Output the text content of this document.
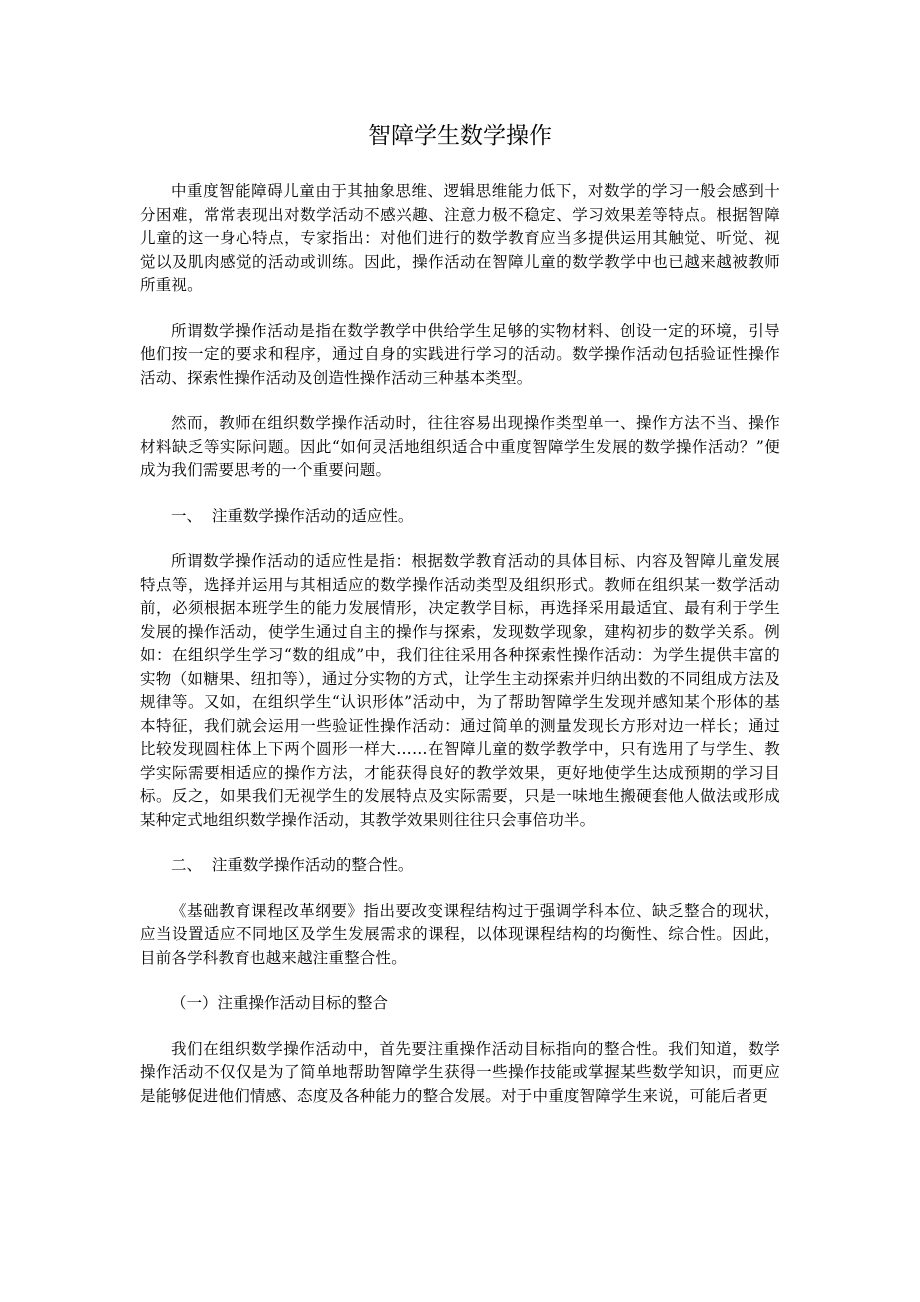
智障学生数学操作

中重度智能障碍儿童由于其抽象思维、逻辑思维能力低下，对数学的学习一般会感到十分困难，常常表现出对数学活动不感兴趣、注意力极不稳定、学习效果差等特点。根据智障儿童的这一身心特点，专家指出：对他们进行的数学教育应当多提供运用其触觉、听觉、视觉以及肌肉感觉的活动或训练。因此，操作活动在智障儿童的数学教学中也已越来越被教师所重视。

所谓数学操作活动是指在数学教学中供给学生足够的实物材料、创设一定的环境，引导他们按一定的要求和程序，通过自身的实践进行学习的活动。数学操作活动包括验证性操作活动、探索性操作活动及创造性操作活动三种基本类型。

然而，教师在组织数学操作活动时，往往容易出现操作类型单一、操作方法不当、操作材料缺乏等实际问题。因此“如何灵活地组织适合中重度智障学生发展的数学操作活动？”便成为我们需要思考的一个重要问题。

一、  注重数学操作活动的适应性。

所谓数学操作活动的适应性是指：根据数学教育活动的具体目标、内容及智障儿童发展特点等，选择并运用与其相适应的数学操作活动类型及组织形式。教师在组织某一数学活动前，必须根据本班学生的能力发展情形，决定教学目标，再选择采用最适宜、最有利于学生发展的操作活动，使学生通过自主的操作与探索，发现数学现象，建构初步的数学关系。例如：在组织学生学习“数的组成”中，我们往往采用各种探索性操作活动：为学生提供丰富的实物（如糖果、纽扣等），通过分实物的方式，让学生主动探索并归纳出数的不同组成方法及规律等。又如，在组织学生“认识形体”活动中，为了帮助智障学生发现并感知某个形体的基本特征，我们就会运用一些验证性操作活动：通过简单的测量发现长方形对边一样长；通过比较发现圆柱体上下两个圆形一样大……在智障儿童的数学教学中，只有选用了与学生、教学实际需要相适应的操作方法，才能获得良好的教学效果，更好地使学生达成预期的学习目标。反之，如果我们无视学生的发展特点及实际需要，只是一味地生搬硬套他人做法或形成某种定式地组织数学操作活动，其教学效果则往往只会事倍功半。

二、  注重数学操作活动的整合性。

《基础教育课程改革纲要》指出要改变课程结构过于强调学科本位、缺乏整合的现状，应当设置适应不同地区及学生发展需求的课程，以体现课程结构的均衡性、综合性。因此，目前各学科教育也越来越注重整合性。

（一）注重操作活动目标的整合

我们在组织数学操作活动中，首先要注重操作活动目标指向的整合性。我们知道，数学操作活动不仅仅是为了简单地帮助智障学生获得一些操作技能或掌握某些数学知识，而更应是能够促进他们情感、态度及各种能力的整合发展。对于中重度智障学生来说，可能后者更
